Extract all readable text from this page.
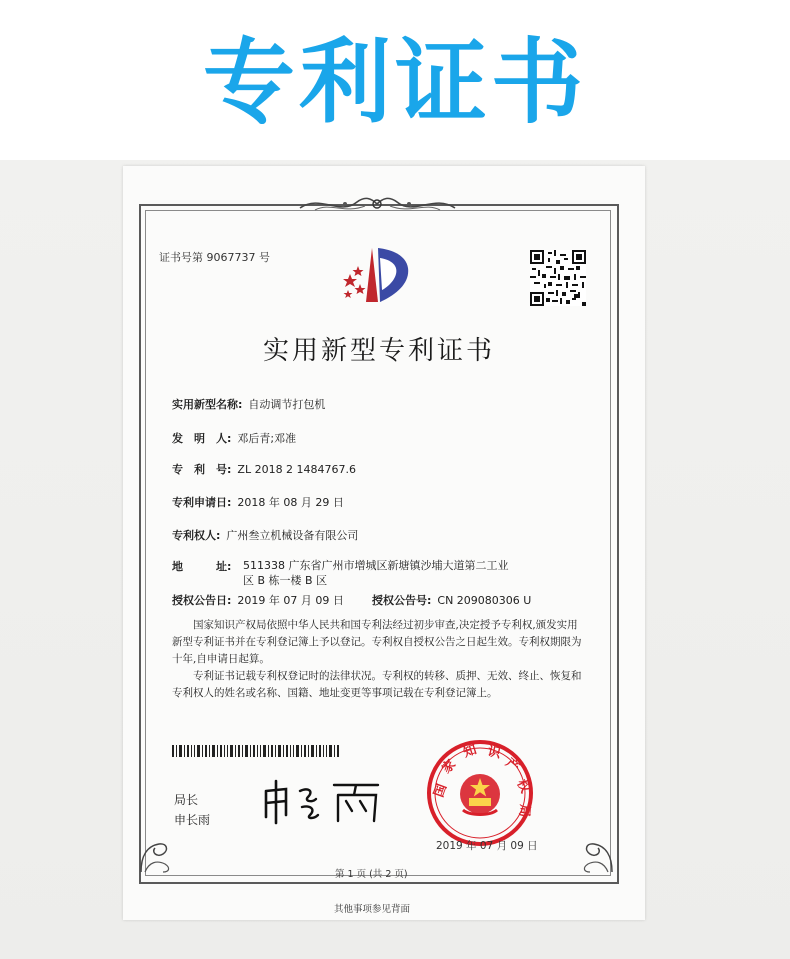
专利证书
证书号第 9067737 号
实用新型专利证书
实用新型名称: 自动调节打包机
发　明　人: 邓后青;邓准
专　利　号: ZL 2018 2 1484767.6
专利申请日: 2018 年 08 月 29 日
专利权人: 广州叁立机械设备有限公司
地　　　址: 511338 广东省广州市增城区新塘镇沙埔大道第二工业区 B 栋一楼 B 区
授权公告日: 2019 年 07 月 09 日	授权公告号: CN 209080306 U
国家知识产权局依照中华人民共和国专利法经过初步审查,决定授予专利权,颁发实用新型专利证书并在专利登记簿上予以登记。专利权自授权公告之日起生效。专利权期限为十年,自申请日起算。
专利证书记载专利权登记时的法律状况。专利权的转移、质押、无效、终止、恢复和专利权人的姓名或名称、国籍、地址变更等事项记载在专利登记簿上。
局长
申长雨
国
家
知 识
产
权
局
2019 年 07 月 09 日
第 1 页 (共 2 页)
其他事项参见背面
